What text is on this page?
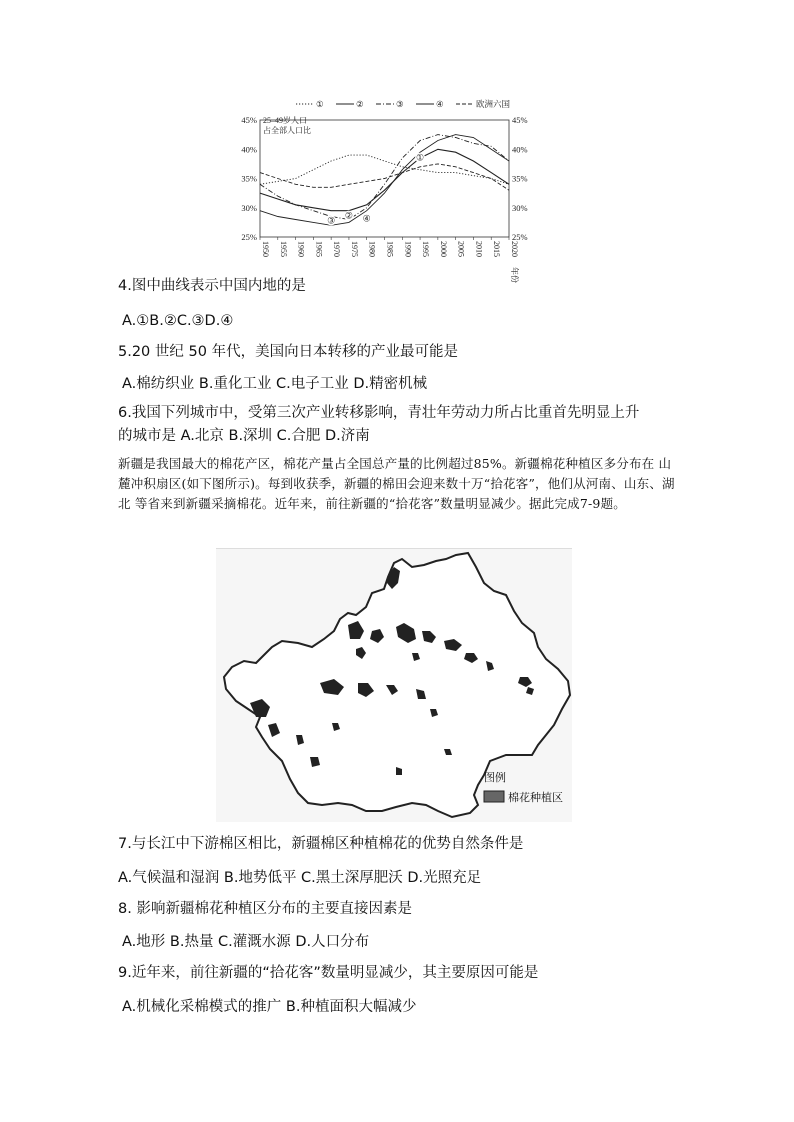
1950 1955 1960 1965 1970 1975 1980 1985 1990 1995 2000 2005 2010 2015 2020
年份
25%	25%
30%	30%
35%	35%
40%	40%
45%	45%
25–49岁人口
占全部人口比
①	②	③	④	欧洲六国
①
②
③	④
4.图中曲线表示中国内地的是
A.①B.②C.③D.④
5.20 世纪 50 年代，美国向日本转移的产业最可能是
A.棉纺织业 B.重化工业 C.电子工业 D.精密机械
6.我国下列城市中，受第三次产业转移影响，青壮年劳动力所占比重首先明显上升的城市是 A.北京 B.深圳 C.合肥 D.济南
新疆是我国最大的棉花产区，棉花产量占全国总产量的比例超过85%。新疆棉花种植区多分布在 山麓冲积扇区(如下图所示)。每到收获季，新疆的棉田会迎来数十万“拾花客”，他们从河南、山东、湖北 等省来到新疆采摘棉花。近年来，前往新疆的“拾花客”数量明显减少。据此完成7-9题。
图例
棉花种植区
7.与长江中下游棉区相比，新疆棉区种植棉花的优势自然条件是
A.气候温和湿润 B.地势低平 C.黑土深厚肥沃 D.光照充足
8. 影响新疆棉花种植区分布的主要直接因素是
A.地形 B.热量 C.灌溉水源 D.人口分布
9.近年来，前往新疆的“拾花客”数量明显减少，其主要原因可能是
A.机械化采棉模式的推广 B.种植面积大幅减少
